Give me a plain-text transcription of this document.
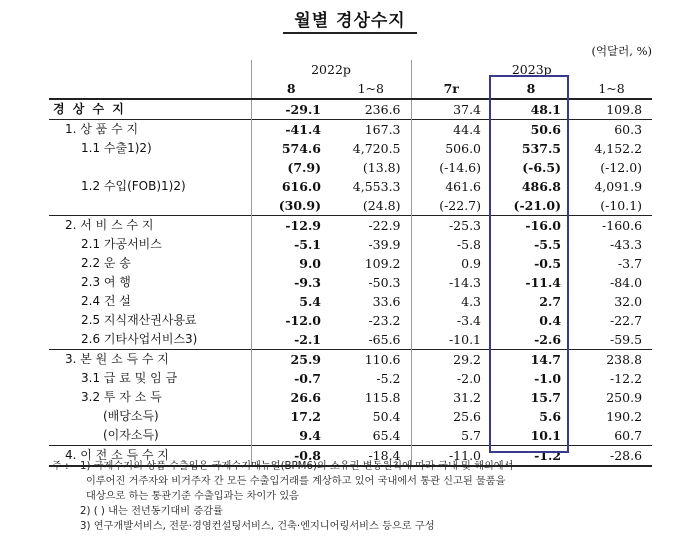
월별 경상수지
(억달러, %)
	2022p		2023p		
	8	1~8	7r	8	1~8
경 상 수 지	-29.1	236.6	37.4	48.1	109.8
1. 상 품 수 지	-41.4	167.3	44.4	50.6	60.3
1.1 수출1)2)	574.6	4,720.5	506.0	537.5	4,152.2
	(7.9)	(13.8)	(-14.6)	(-6.5)	(-12.0)
1.2 수입(FOB)1)2)	616.0	4,553.3	461.6	486.8	4,091.9
	(30.9)	(24.8)	(-22.7)	(-21.0)	(-10.1)
2. 서 비 스 수 지	-12.9	-22.9	-25.3	-16.0	-160.6
2.1 가공서비스	-5.1	-39.9	-5.8	-5.5	-43.3
2.2 운 송	9.0	109.2	0.9	-0.5	-3.7
2.3 여 행	-9.3	-50.3	-14.3	-11.4	-84.0
2.4 건 설	5.4	33.6	4.3	2.7	32.0
2.5 지식재산권사용료	-12.0	-23.2	-3.4	0.4	-22.7
2.6 기타사업서비스3)	-2.1	-65.6	-10.1	-2.6	-59.5
3. 본 원 소 득 수 지	25.9	110.6	29.2	14.7	238.8
3.1 급 료 및 임 금	-0.7	-5.2	-2.0	-1.0	-12.2
3.2 투 자 소 득	26.6	115.8	31.2	15.7	250.9
(배당소득)	17.2	50.4	25.6	5.6	190.2
(이자소득)	9.4	65.4	5.7	10.1	60.7
4. 이 전 소 득 수 지	-0.8	-18.4	-11.0	-1.2	-28.6
주 : 1) 국제수지의 상품 수출입은 국제수지매뉴얼(BPM6)의 소유권 변동원칙에 따라 국내 및 해외에서
이루어진 거주자와 비거주자 간 모든 수출입거래를 계상하고 있어 국내에서 통관 신고된 물품을
대상으로 하는 통관기준 수출입과는 차이가 있음
2) ( ) 내는 전년동기대비 증감률
3) 연구개발서비스, 전문·경영컨설팅서비스, 건축·엔지니어링서비스 등으로 구성
